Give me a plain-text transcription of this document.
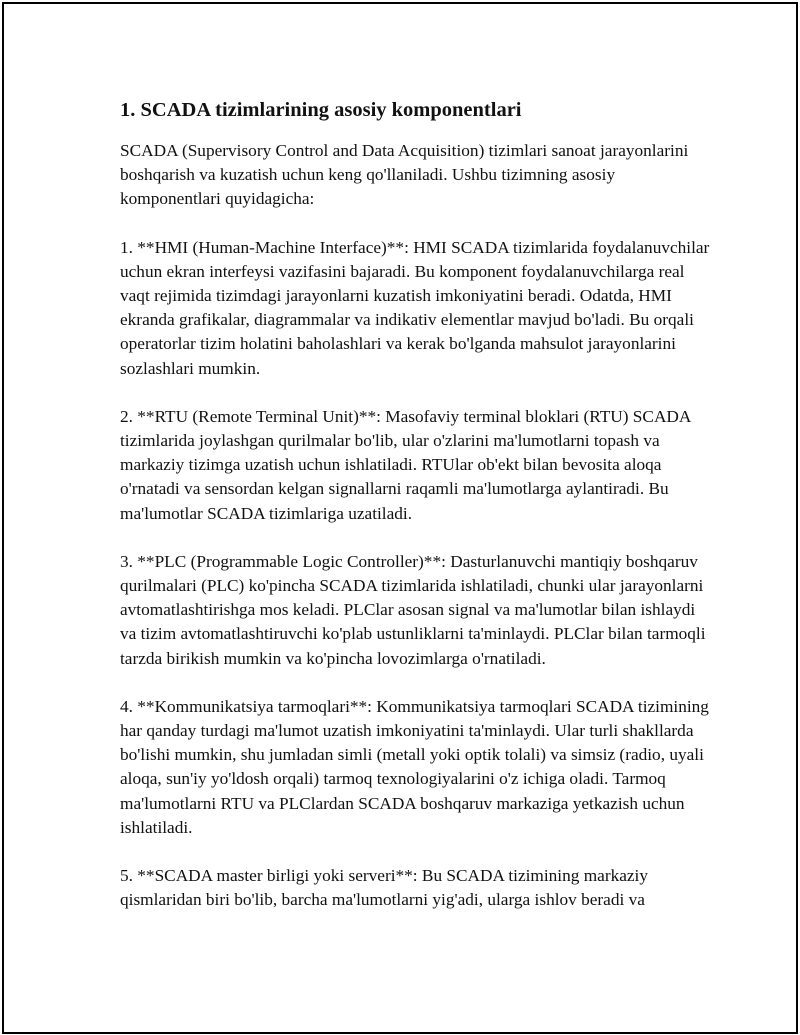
1. SCADA tizimlarining asosiy komponentlari

SCADA (Supervisory Control and Data Acquisition) tizimlari sanoat jarayonlarini boshqarish va kuzatish uchun keng qo'llaniladi. Ushbu tizimning asosiy komponentlari quyidagicha:

1. **HMI (Human-Machine Interface)**: HMI SCADA tizimlarida foydalanuvchilar uchun ekran interfeysi vazifasini bajaradi. Bu komponent foydalanuvchilarga real vaqt rejimida tizimdagi jarayonlarni kuzatish imkoniyatini beradi. Odatda, HMI ekranda grafikalar, diagrammalar va indikativ elementlar mavjud bo'ladi. Bu orqali operatorlar tizim holatini baholashlari va kerak bo'lganda mahsulot jarayonlarini sozlashlari mumkin.

2. **RTU (Remote Terminal Unit)**: Masofaviy terminal bloklari (RTU) SCADA tizimlarida joylashgan qurilmalar bo'lib, ular o'zlarini ma'lumotlarni topash va markaziy tizimga uzatish uchun ishlatiladi. RTUlar ob'ekt bilan bevosita aloqa o'rnatadi va sensordan kelgan signallarni raqamli ma'lumotlarga aylantiradi. Bu ma'lumotlar SCADA tizimlariga uzatiladi.

3. **PLC (Programmable Logic Controller)**: Dasturlanuvchi mantiqiy boshqaruv qurilmalari (PLC) ko'pincha SCADA tizimlarida ishlatiladi, chunki ular jarayonlarni avtomatlashtirishga mos keladi. PLClar asosan signal va ma'lumotlar bilan ishlaydi va tizim avtomatlashtiruvchi ko'plab ustunliklarni ta'minlaydi. PLClar bilan tarmoqli tarzda birikish mumkin va ko'pincha lovozimlarga o'rnatiladi.

4. **Kommunikatsiya tarmoqlari**: Kommunikatsiya tarmoqlari SCADA tizimining har qanday turdagi ma'lumot uzatish imkoniyatini ta'minlaydi. Ular turli shakllarda bo'lishi mumkin, shu jumladan simli (metall yoki optik tolali) va simsiz (radio, uyali aloqa, sun'iy yo'ldosh orqali) tarmoq texnologiyalarini o'z ichiga oladi. Tarmoq ma'lumotlarni RTU va PLClardan SCADA boshqaruv markaziga yetkazish uchun ishlatiladi.

5. **SCADA master birligi yoki serveri**: Bu SCADA tizimining markaziy qismlaridan biri bo'lib, barcha ma'lumotlarni yig'adi, ularga ishlov beradi va
